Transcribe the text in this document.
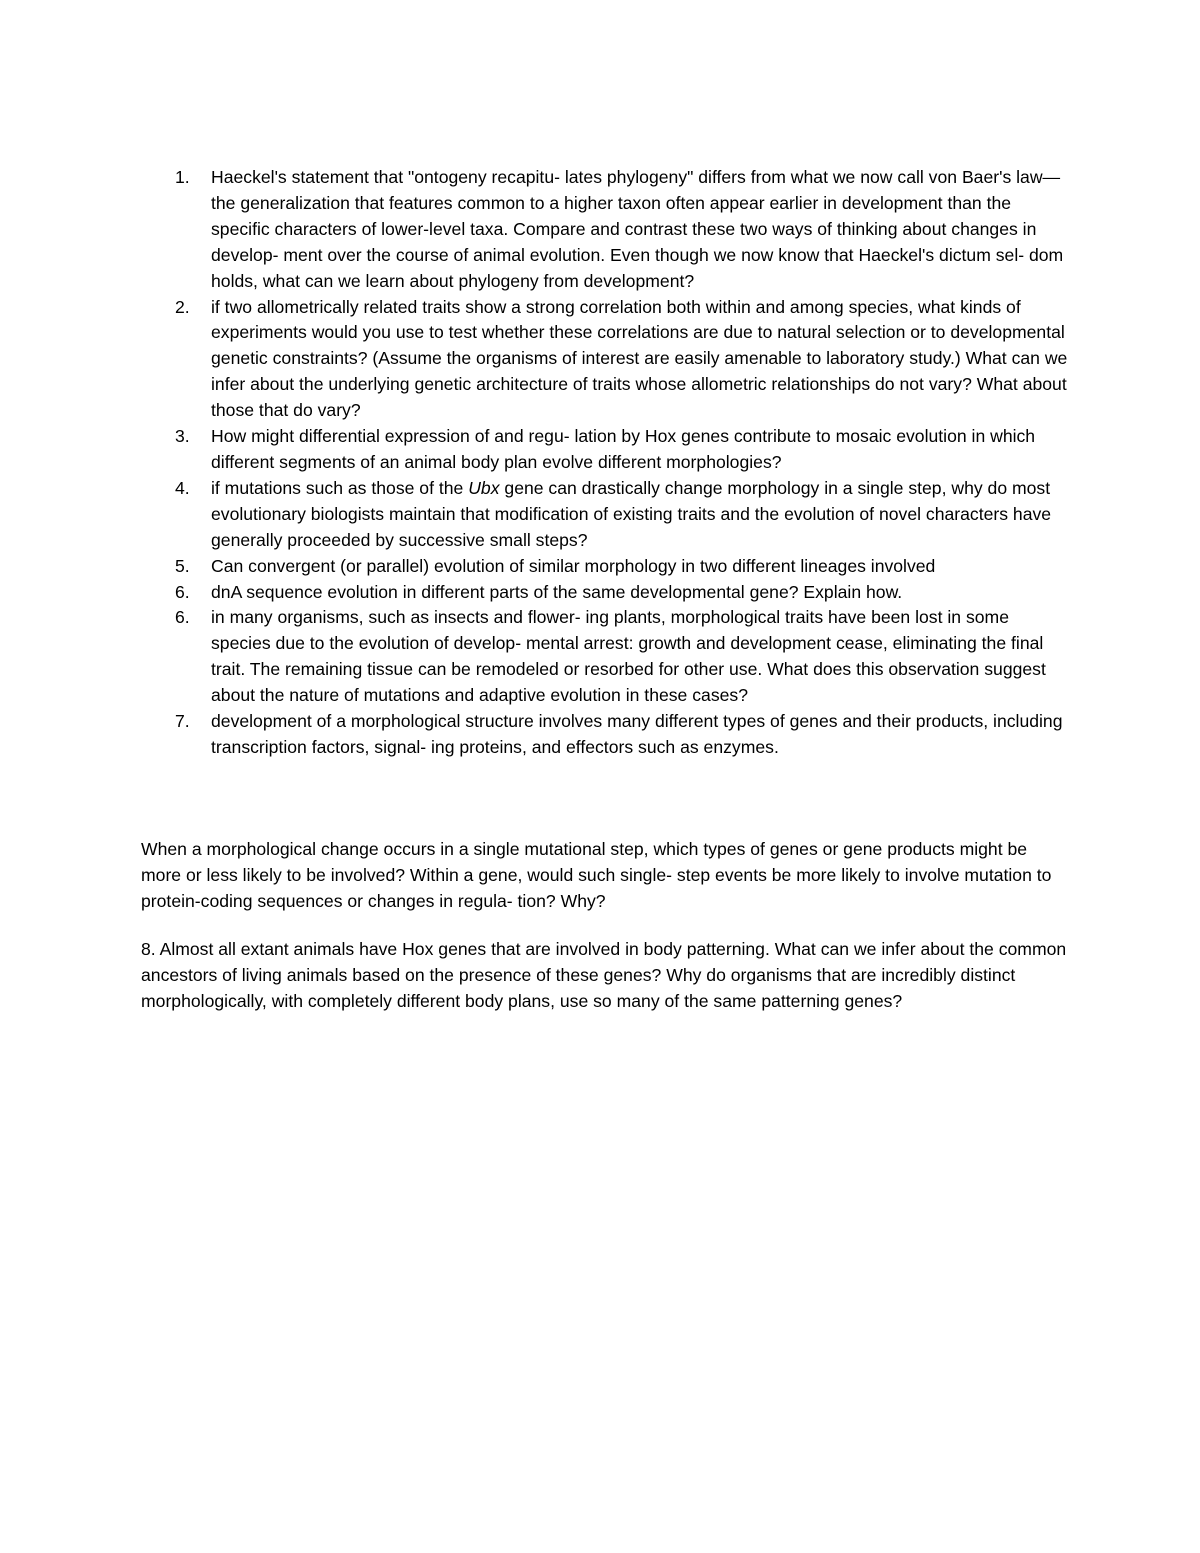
1.	Haeckel's statement that "ontogeny recapitu- lates phylogeny" differs from what we now call von Baer's law—the generalization that features common to a higher taxon often appear earlier in development than the specific characters of lower-level taxa. Compare and contrast these two ways of thinking about changes in develop- ment over the course of animal evolution. Even though we now know that Haeckel's dictum sel- dom holds, what can we learn about phylogeny from development?
2.	if two allometrically related traits show a strong correlation both within and among species, what kinds of experiments would you use to test whether these correlations are due to natural selection or to developmental genetic constraints? (Assume the organisms of interest are easily amenable to laboratory study.) What can we infer about the underlying genetic architecture of traits whose allometric relationships do not vary? What about those that do vary?
3.	How might differential expression of and regu- lation by Hox genes contribute to mosaic evolution in which different segments of an animal body plan evolve different morphologies?
4.	if mutations such as those of the Ubx gene can drastically change morphology in a single step, why do most evolutionary biologists maintain that modification of existing traits and the evolution of novel characters have generally proceeded by successive small steps?
5.	Can convergent (or parallel) evolution of similar morphology in two different lineages involved
6.	dnA sequence evolution in different parts of the same developmental gene? Explain how.
6.	in many organisms, such as insects and flower- ing plants, morphological traits have been lost in some species due to the evolution of develop- mental arrest: growth and development cease, eliminating the final trait. The remaining tissue can be remodeled or resorbed for other use. What does this observation suggest about the nature of mutations and adaptive evolution in these cases?
7.	development of a morphological structure involves many different types of genes and their products, including transcription factors, signal- ing proteins, and effectors such as enzymes.

When a morphological change occurs in a single mutational step, which types of genes or gene products might be more or less likely to be involved? Within a gene, would such single- step events be more likely to involve mutation to protein-coding sequences or changes in regula- tion? Why?

8. Almost all extant animals have Hox genes that are involved in body patterning. What can we infer about the common ancestors of living animals based on the presence of these genes? Why do organisms that are incredibly distinct morphologically, with completely different body plans, use so many of the same patterning genes?
